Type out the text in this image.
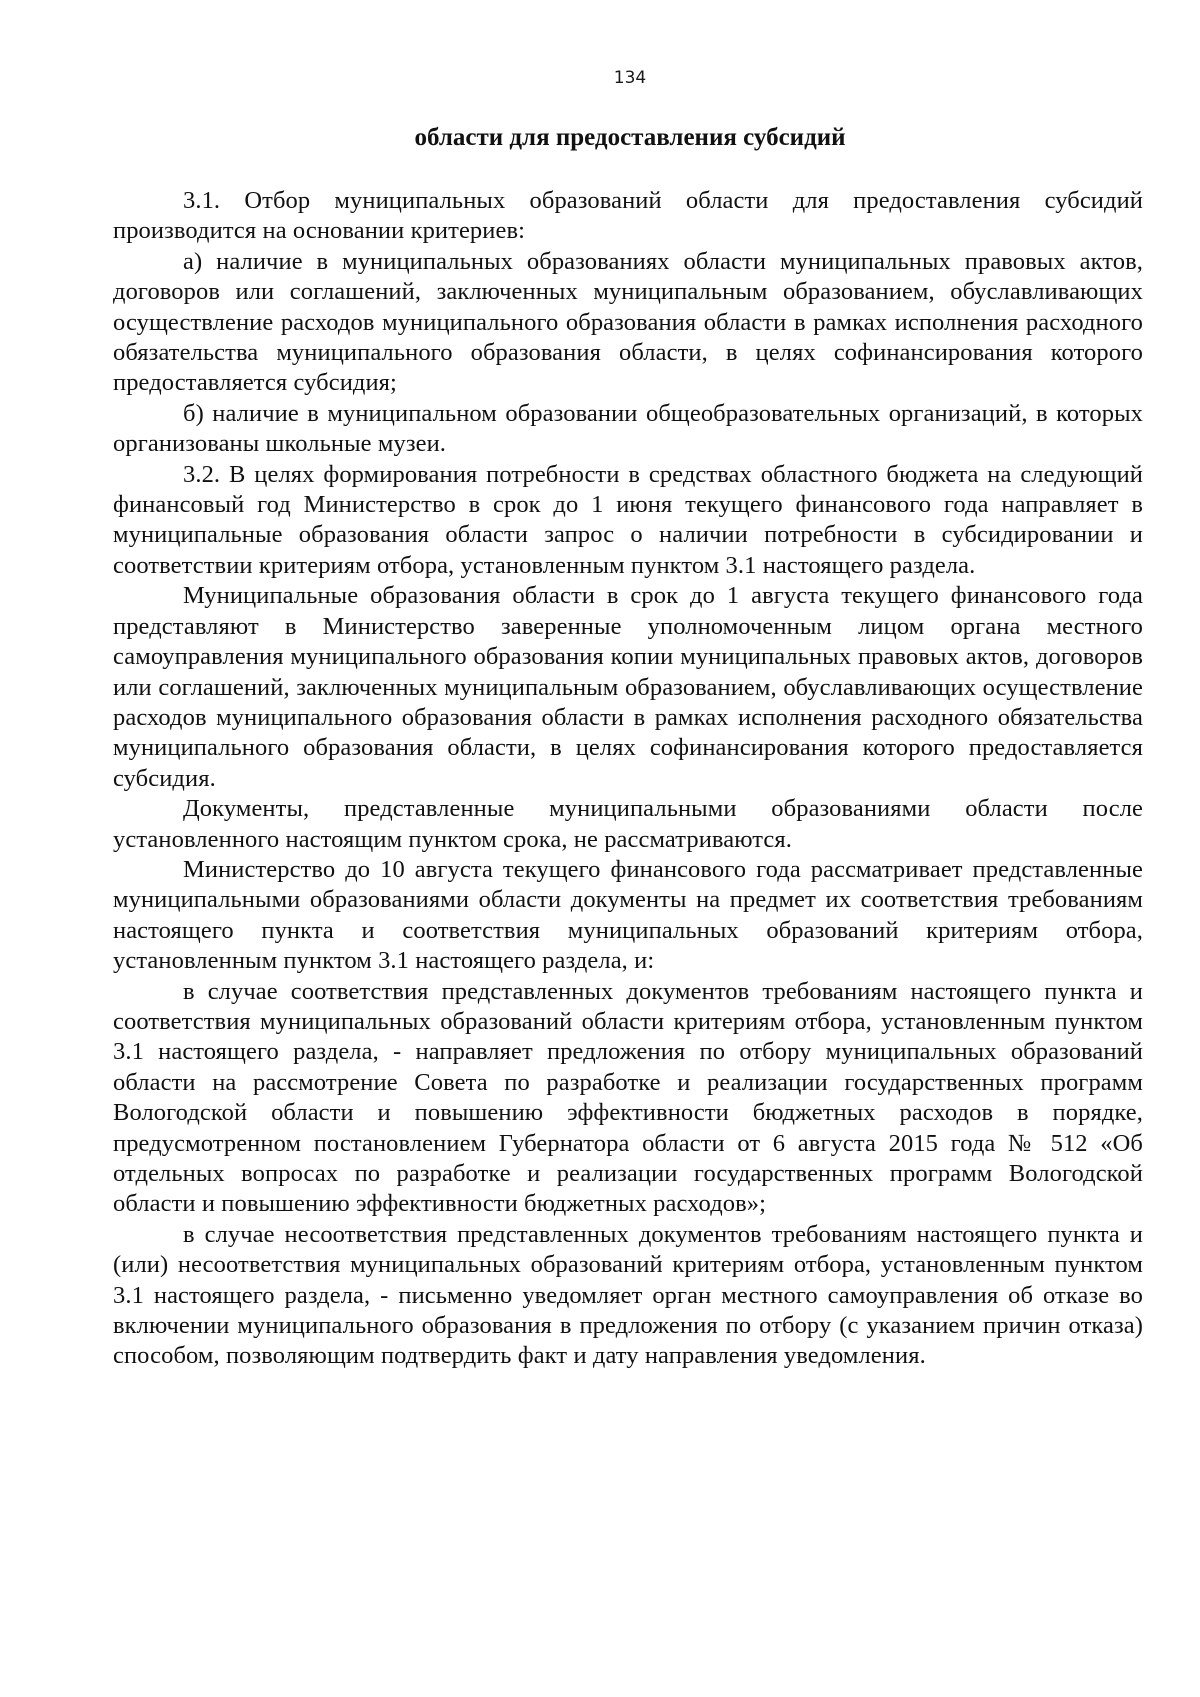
134
области для предоставления субсидий

3.1. Отбор муниципальных образований области для предоставления субсидий производится на основании критериев:

а) наличие в муниципальных образованиях области муниципальных правовых актов, договоров или соглашений, заключенных муниципальным образованием, обуславливающих осуществление расходов муниципального образования области в рамках исполнения расходного обязательства муниципального образования области, в целях софинансирования которого предоставляется субсидия;

б) наличие в муниципальном образовании общеобразовательных организаций, в которых организованы школьные музеи.

3.2. В целях формирования потребности в средствах областного бюджета на следующий финансовый год Министерство в срок до 1 июня текущего финансового года направляет в муниципальные образования области запрос о наличии потребности в субсидировании и соответствии критериям отбора, установленным пунктом 3.1 настоящего раздела.

Муниципальные образования области в срок до 1 августа текущего финансового года представляют в Министерство заверенные уполномоченным лицом органа местного самоуправления муниципального образования копии муниципальных правовых актов, договоров или соглашений, заключенных муниципальным образованием, обуславливающих осуществление расходов муниципального образования области в рамках исполнения расходного обязательства муниципального образования области, в целях софинансирования которого предоставляется субсидия.

Документы, представленные муниципальными образованиями области после установленного настоящим пунктом срока, не рассматриваются.

Министерство до 10 августа текущего финансового года рассматривает представленные муниципальными образованиями области документы на предмет их соответствия требованиям настоящего пункта и соответствия муниципальных образований критериям отбора, установленным пунктом 3.1 настоящего раздела, и:

в случае соответствия представленных документов требованиям настоящего пункта и соответствия муниципальных образований области критериям отбора, установленным пунктом 3.1 настоящего раздела, - направляет предложения по отбору муниципальных образований области на рассмотрение Совета по разработке и реализации государственных программ Вологодской области и повышению эффективности бюджетных расходов в порядке, предусмотренном постановлением Губернатора области от 6 августа 2015 года № 512 «Об отдельных вопросах по разработке и реализации государственных программ Вологодской области и повышению эффективности бюджетных расходов»;

в случае несоответствия представленных документов требованиям настоящего пункта и (или) несоответствия муниципальных образований критериям отбора, установленным пунктом 3.1 настоящего раздела, - письменно уведомляет орган местного самоуправления об отказе во включении муниципального образования в предложения по отбору (с указанием причин отказа) способом, позволяющим подтвердить факт и дату направления уведомления.
